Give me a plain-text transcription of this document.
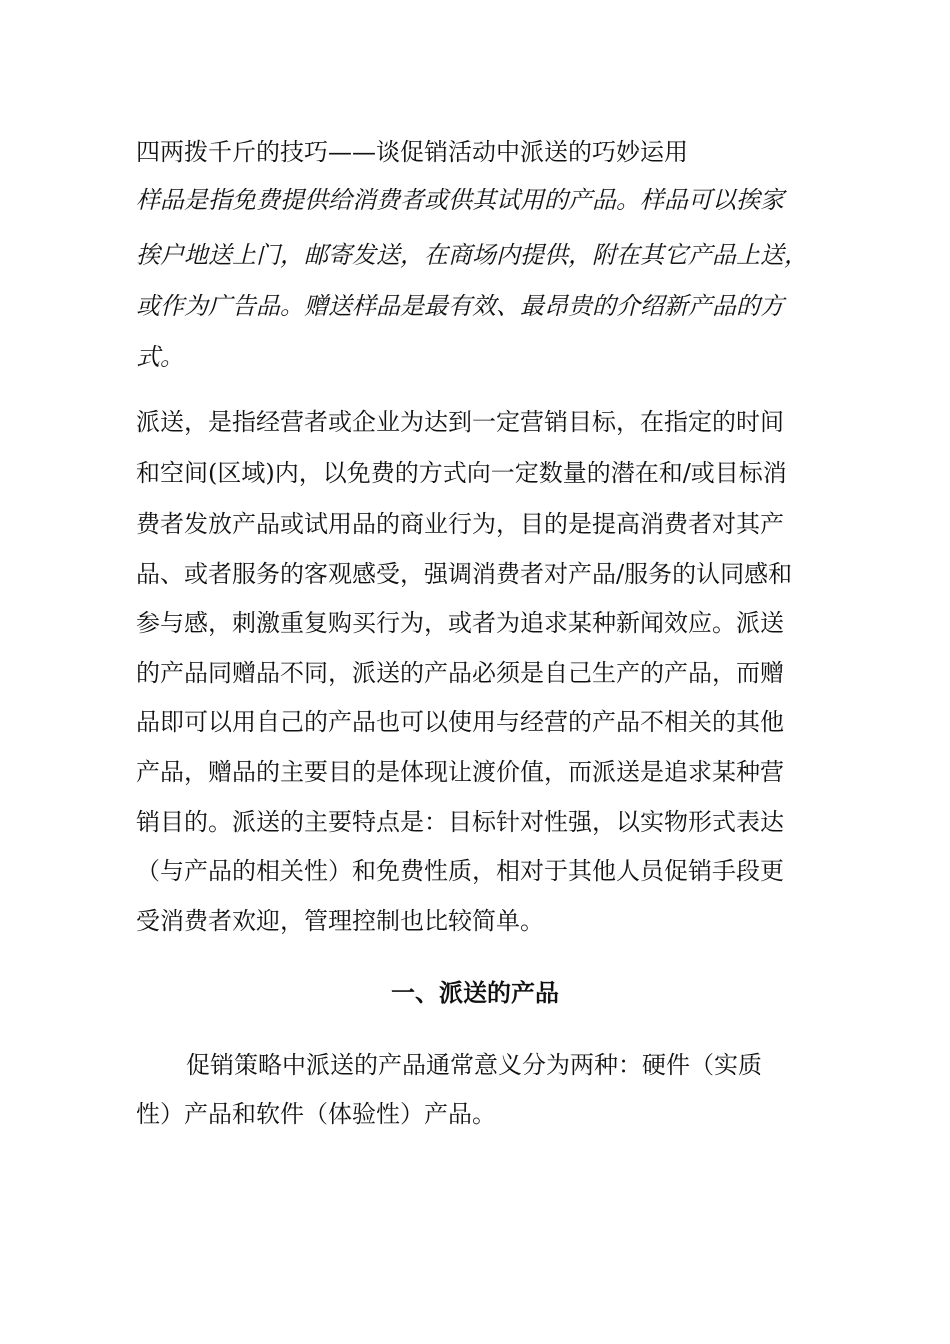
四两拨千斤的技巧——谈促销活动中派送的巧妙运用
样品是指免费提供给消费者或供其试用的产品。样品可以挨家
挨户地送上门，邮寄发送，在商场内提供，附在其它产品上送，
或作为广告品。赠送样品是最有效、最昂贵的介绍新产品的方
式。
派送，是指经营者或企业为达到一定营销目标，在指定的时间
和空间(区域)内，以免费的方式向一定数量的潜在和/或目标消
费者发放产品或试用品的商业行为，目的是提高消费者对其产
品、或者服务的客观感受，强调消费者对产品/服务的认同感和
参与感，刺激重复购买行为，或者为追求某种新闻效应。派送
的产品同赠品不同，派送的产品必须是自己生产的产品，而赠
品即可以用自己的产品也可以使用与经营的产品不相关的其他
产品，赠品的主要目的是体现让渡价值，而派送是追求某种营
销目的。派送的主要特点是：目标针对性强，以实物形式表达
（与产品的相关性）和免费性质，相对于其他人员促销手段更
受消费者欢迎，管理控制也比较简单。
一、派送的产品
促销策略中派送的产品通常意义分为两种：硬件（实质
性）产品和软件（体验性）产品。
